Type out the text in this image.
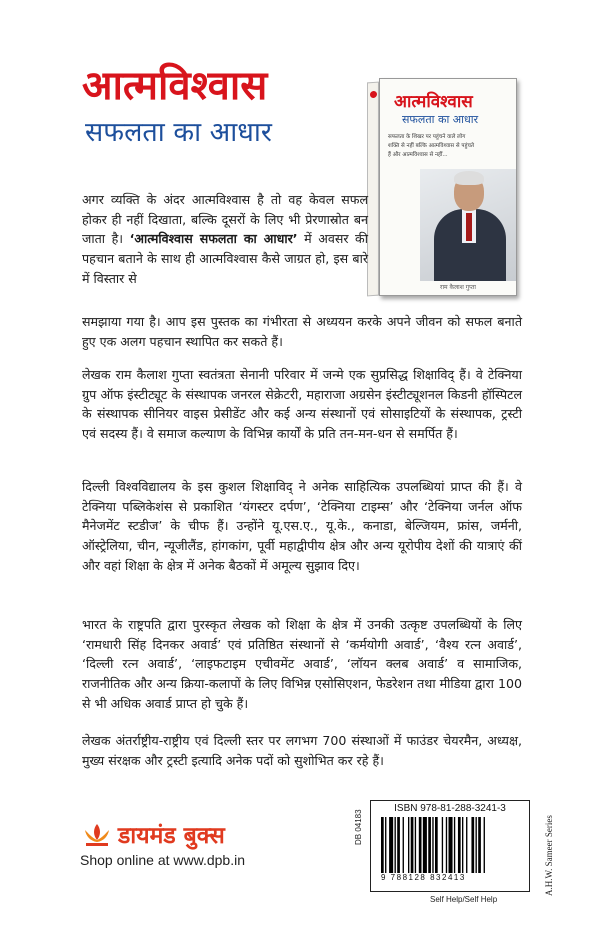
आत्मविश्वास
सफलता का आधार
आत्मविश्वास
सफलता का आधार
सफलता के शिखर पर पहुंचने वाले लोग शक्ति से नहीं बल्कि आत्मविश्वास से पहुंचते हैं और आत्मविश्वास से नहीं...
राम कैलाश गुप्ता

अगर व्यक्ति के अंदर आत्मविश्वास है तो वह केवल सफल होकर ही नहीं दिखाता, बल्कि दूसरों के लिए भी प्रेरणास्रोत बन जाता है। ‘आत्मविश्वास सफलता का आधार’ में अवसर की पहचान बताने के साथ ही आत्मविश्वास कैसे जाग्रत हो, इस बारे में विस्तार से

समझाया गया है। आप इस पुस्तक का गंभीरता से अध्ययन करके अपने जीवन को सफल बनाते हुए एक अलग पहचान स्थापित कर सकते हैं।

लेखक राम कैलाश गुप्ता स्वतंत्रता सेनानी परिवार में जन्मे एक सुप्रसिद्ध शिक्षाविद् हैं। वे टेक्निया ग्रुप ऑफ इंस्टीट्यूट के संस्थापक जनरल सेक्रेटरी, महाराजा अग्रसेन इंस्टीट्यूशनल किडनी हॉस्पिटल के संस्थापक सीनियर वाइस प्रेसीडेंट और कई अन्य संस्थानों एवं सोसाइटियों के संस्थापक, ट्रस्टी एवं सदस्य हैं। वे समाज कल्याण के विभिन्न कार्यों के प्रति तन-मन-धन से समर्पित हैं।

दिल्ली विश्वविद्यालय के इस कुशल शिक्षाविद् ने अनेक साहित्यिक उपलब्धियां प्राप्त की हैं। वे टेक्निया पब्लिकेशंस से प्रकाशित ‘यंगस्टर दर्पण’, ‘टेक्निया टाइम्स’ और ‘टेक्निया जर्नल ऑफ मैनेजमेंट स्टडीज’ के चीफ हैं। उन्होंने यू.एस.ए., यू.के., कनाडा, बेल्जियम, फ्रांस, जर्मनी, ऑस्ट्रेलिया, चीन, न्यूजीलैंड, हांगकांग, पूर्वी महाद्वीपीय क्षेत्र और अन्य यूरोपीय देशों की यात्राएं कीं और वहां शिक्षा के क्षेत्र में अनेक बैठकों में अमूल्य सुझाव दिए।

भारत के राष्ट्रपति द्वारा पुरस्कृत लेखक को शिक्षा के क्षेत्र में उनकी उत्कृष्ट उपलब्धियों के लिए ‘रामधारी सिंह दिनकर अवार्ड’ एवं प्रतिष्ठित संस्थानों से ‘कर्मयोगी अवार्ड’, ‘वैश्य रत्न अवार्ड’, ‘दिल्ली रत्न अवार्ड’, ‘लाइफटाइम एचीवमेंट अवार्ड’, ‘लॉयन क्लब अवार्ड’ व सामाजिक, राजनीतिक और अन्य क्रिया-कलापों के लिए विभिन्न एसोसिएशन, फेडरेशन तथा मीडिया द्वारा 100 से भी अधिक अवार्ड प्राप्त हो चुके हैं।

लेखक अंतर्राष्ट्रीय-राष्ट्रीय एवं दिल्ली स्तर पर लगभग 700 संस्थाओं में फाउंडर चेयरमैन, अध्यक्ष, मुख्य संरक्षक और ट्रस्टी इत्यादि अनेक पदों को सुशोभित कर रहे हैं।

डायमंड बुक्स
Shop online at www.dpb.in
DB 04183
ISBN 978-81-288-3241-3
9 788128 832413
Self Help/Self Help
A.H.W. Sameer Series
